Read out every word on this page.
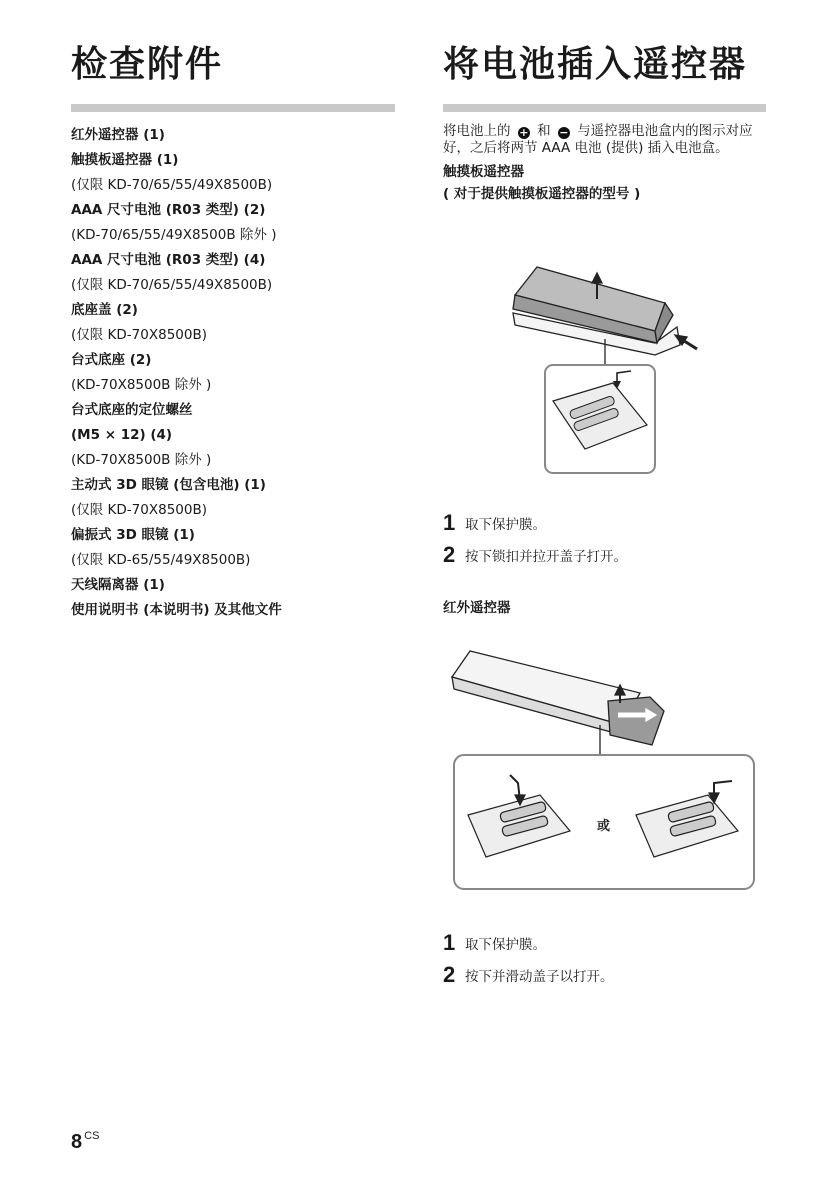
检查附件
红外遥控器 (1)
触摸板遥控器 (1)
(仅限 KD-70/65/55/49X8500B)
AAA 尺寸电池 (R03 类型) (2)
(KD-70/65/55/49X8500B 除外 )
AAA 尺寸电池 (R03 类型) (4)
(仅限 KD-70/65/55/49X8500B)
底座盖 (2)
(仅限 KD-70X8500B)
台式底座 (2)
(KD-70X8500B 除外 )
台式底座的定位螺丝
(M5 × 12) (4)
(KD-70X8500B 除外 )
主动式 3D 眼镜 (包含电池) (1)
(仅限 KD-70X8500B)
偏振式 3D 眼镜 (1)
(仅限 KD-65/55/49X8500B)
天线隔离器 (1)
使用说明书 (本说明书) 及其他文件
将电池插入遥控器

将电池上的 + 和 − 与遥控器电池盒内的图示对应好，之后将两节 AAA 电池 (提供) 插入电池盒。

触摸板遥控器

( 对于提供触摸板遥控器的型号 )

1 取下保护膜。
2 按下锁扣并拉开盖子打开。
红外遥控器
或
1 取下保护膜。
2 按下并滑动盖子以打开。
8 $^{CS}$
